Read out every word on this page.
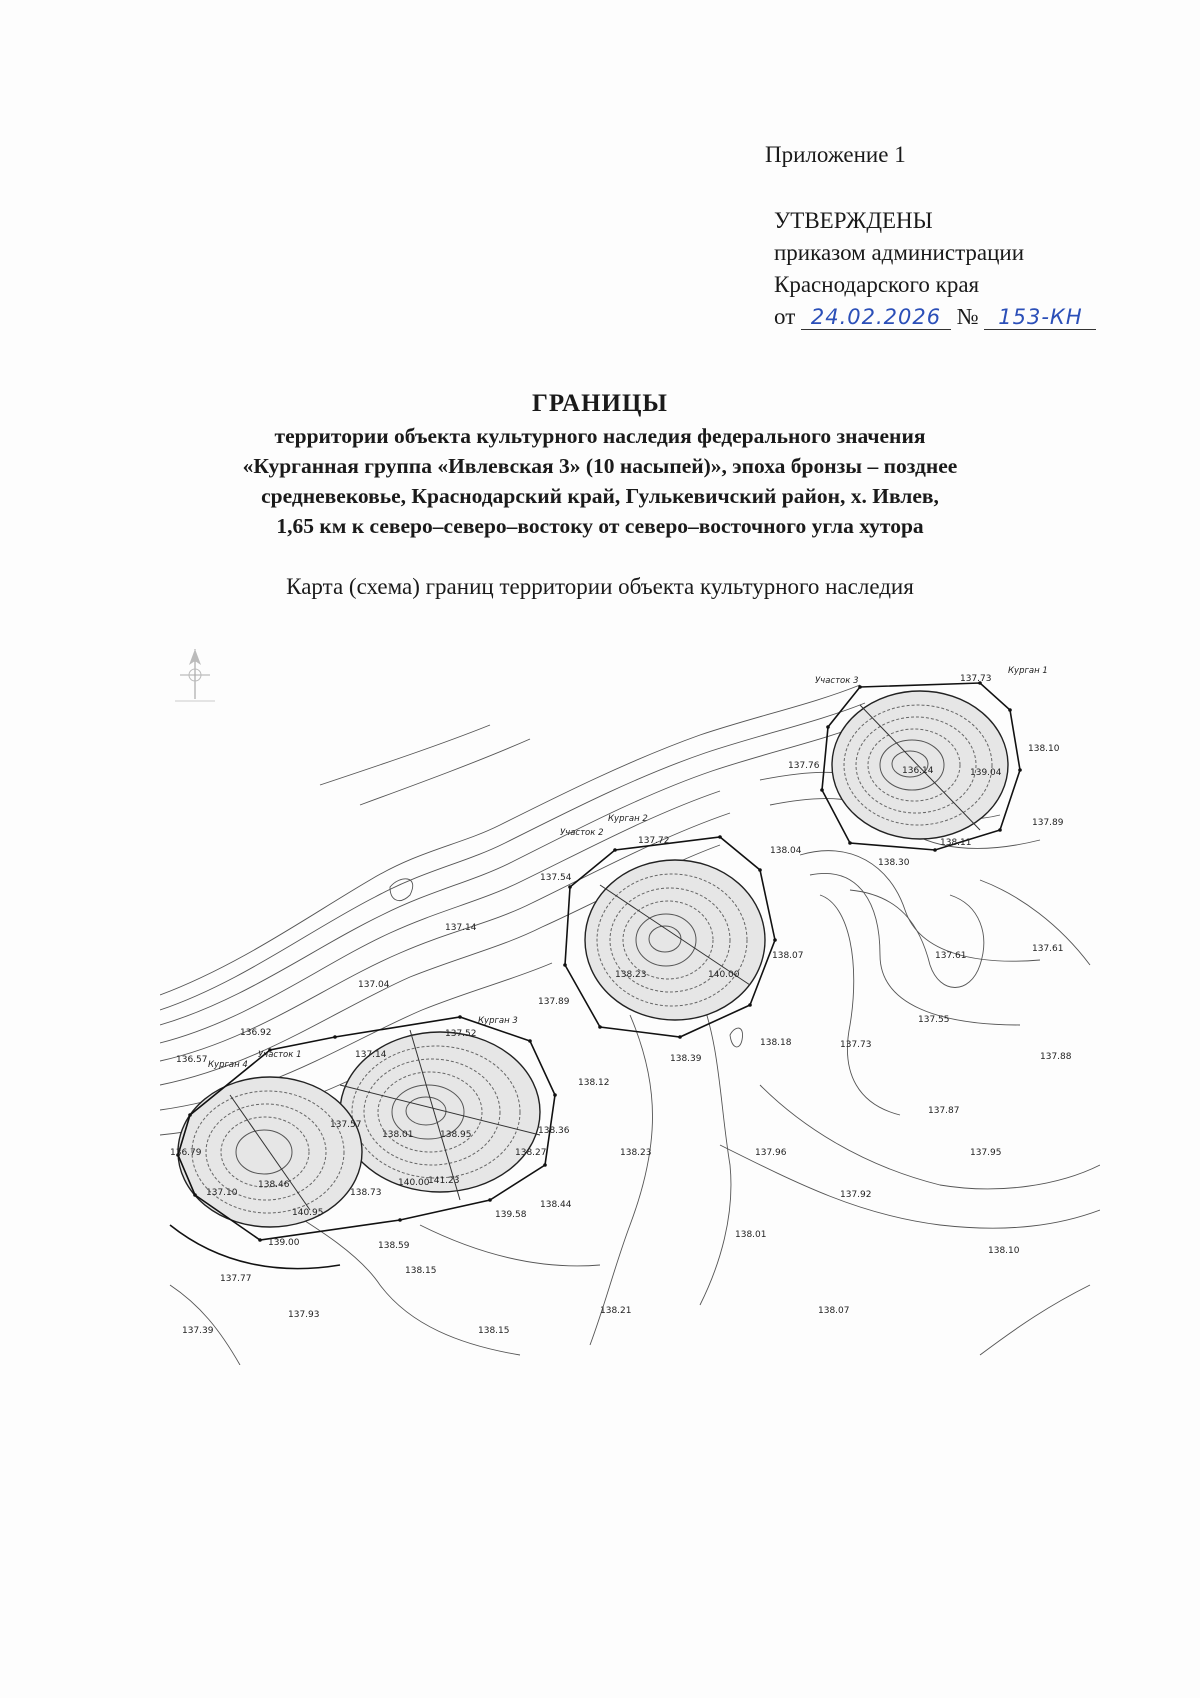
Приложение 1
УТВЕРЖДЕНЫ
приказом администрации
Краснодарского края
от 24.02.2026 № 153-КН
ГРАНИЦЫ
территории объекта культурного наследия федерального значения
«Курганная группа «Ивлевская 3» (10 насыпей)», эпоха бронзы – позднее
средневековье, Краснодарский край, Гулькевичский район, х. Ивлев,
1,65 км к северо–северо–востоку от северо–восточного угла хутора
Карта (схема) границ территории объекта культурного наследия
Курган 1
Курган 2
Курган 3
Курган 4
Участок 1
Участок 2
Участок 3	137.73
137.76	136.14	139.04
138.10
137.89
138.11
138.30
138.04
137.72
137.54
137.14
137.04
137.52
137.89
136.92
136.57	137.14
138.23	140.00
138.07
138.18
138.39
137.61
137.55
137.73
137.88
138.12
137.87
137.57
138.01	138.95	138.36
138.27	138.23	137.96	137.95
136.79
137.10
138.46
140.95
139.00
137.77
138.73
140.00
141.23
139.58
138.44
137.92
138.01
138.10
138.59
138.15
137.93
137.39	138.15
138.21	138.07
137.61
